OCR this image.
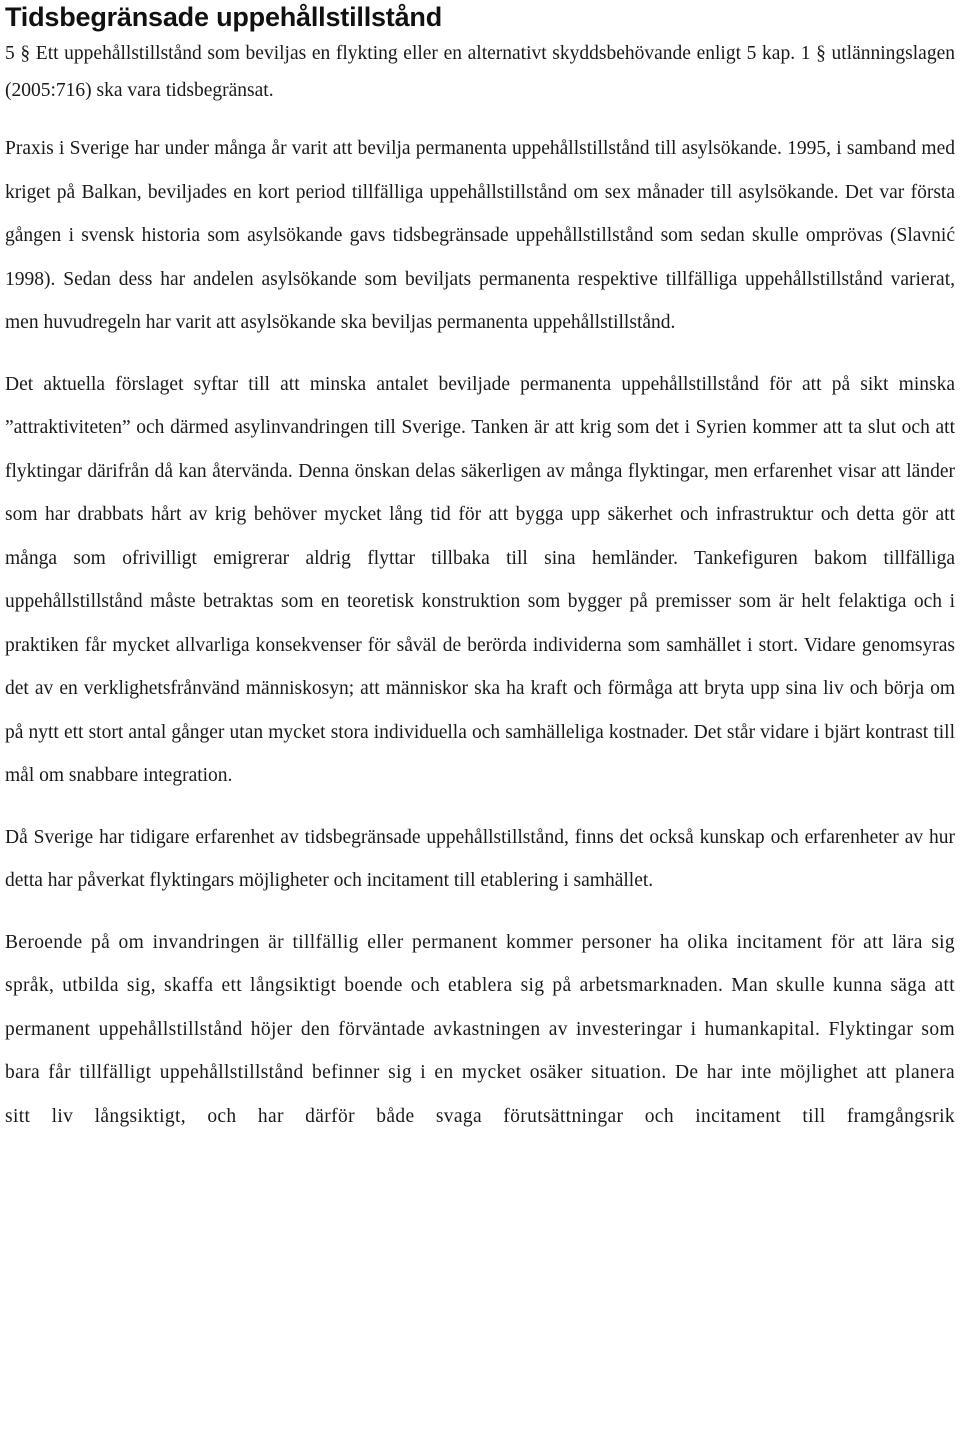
Tidsbegränsade uppehållstillstånd

5 § Ett uppehållstillstånd som beviljas en flykting eller en alternativt skyddsbehövande enligt 5 kap. 1 § utlänningslagen (2005:716) ska vara tidsbegränsat.

Praxis i Sverige har under många år varit att bevilja permanenta uppehållstillstånd till asylsökande. 1995, i samband med kriget på Balkan, beviljades en kort period tillfälliga uppehållstillstånd om sex månader till asylsökande. Det var första gången i svensk historia som asylsökande gavs tidsbegränsade uppehållstillstånd som sedan skulle omprövas (Slavnić 1998). Sedan dess har andelen asylsökande som beviljats permanenta respektive tillfälliga uppehållstillstånd varierat, men huvudregeln har varit att asylsökande ska beviljas permanenta uppehållstillstånd.

Det aktuella förslaget syftar till att minska antalet beviljade permanenta uppehållstillstånd för att på sikt minska ”attraktiviteten” och därmed asylinvandringen till Sverige. Tanken är att krig som det i Syrien kommer att ta slut och att flyktingar därifrån då kan återvända. Denna önskan delas säkerligen av många flyktingar, men erfarenhet visar att länder som har drabbats hårt av krig behöver mycket lång tid för att bygga upp säkerhet och infrastruktur och detta gör att många som ofrivilligt emigrerar aldrig flyttar tillbaka till sina hemländer. Tankefiguren bakom tillfälliga uppehållstillstånd måste betraktas som en teoretisk konstruktion som bygger på premisser som är helt felaktiga och i praktiken får mycket allvarliga konsekvenser för såväl de berörda individerna som samhället i stort. Vidare genomsyras det av en verklighetsfrånvänd människosyn; att människor ska ha kraft och förmåga att bryta upp sina liv och börja om på nytt ett stort antal gånger utan mycket stora individuella och samhälleliga kostnader. Det står vidare i bjärt kontrast till mål om snabbare integration.

Då Sverige har tidigare erfarenhet av tidsbegränsade uppehållstillstånd, finns det också kunskap och erfarenheter av hur detta har påverkat flyktingars möjligheter och incitament till etablering i samhället.

Beroende på om invandringen är tillfällig eller permanent kommer personer ha olika incitament för att lära sig språk, utbilda sig, skaffa ett långsiktigt boende och etablera sig på arbetsmarknaden. Man skulle kunna säga att permanent uppehållstillstånd höjer den förväntade avkastningen av investeringar i humankapital. Flyktingar som bara får tillfälligt uppehållstillstånd befinner sig i en mycket osäker situation. De har inte möjlighet att planera sitt liv långsiktigt, och har därför både svaga förutsättningar och incitament till framgångsrik
